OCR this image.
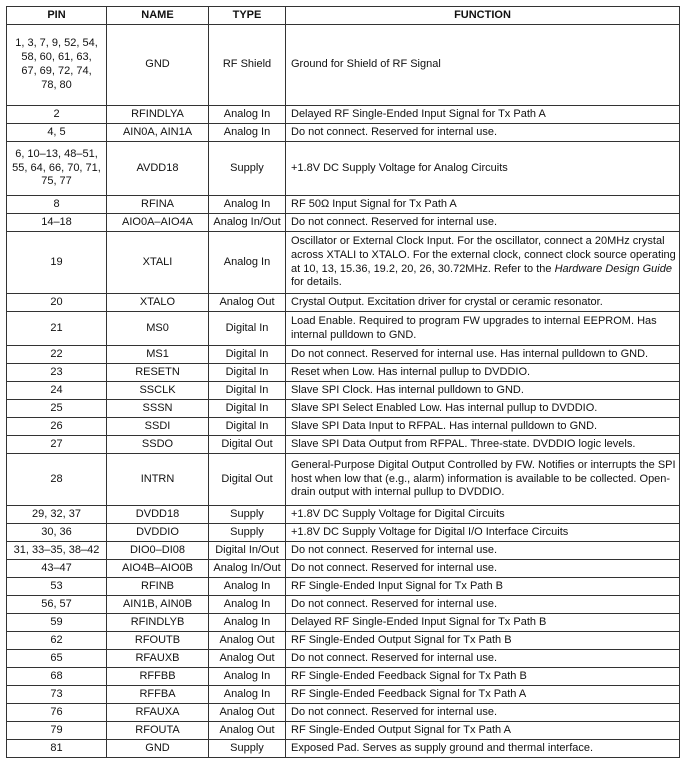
PIN	NAME	TYPE	FUNCTION
1, 3, 7, 9, 52, 54, 58, 60, 61, 63, 67, 69, 72, 74, 78, 80	GND	RF Shield	Ground for Shield of RF Signal
2	RFINDLYA	Analog In	Delayed RF Single-Ended Input Signal for Tx Path A
4, 5	AIN0A, AIN1A	Analog In	Do not connect. Reserved for internal use.
6, 10–13, 48–51, 55, 64, 66, 70, 71, 75, 77	AVDD18	Supply	+1.8V DC Supply Voltage for Analog Circuits
8	RFINA	Analog In	RF 50Ω Input Signal for Tx Path A
14–18	AIO0A–AIO4A	Analog In/Out	Do not connect. Reserved for internal use.
19	XTALI	Analog In	Oscillator or External Clock Input. For the oscillator, connect a 20MHz crystal across XTALI to XTALO. For the external clock, connect clock source operating at 10, 13, 15.36, 19.2, 20, 26, 30.72MHz. Refer to the Hardware Design Guide for details.
20	XTALO	Analog Out	Crystal Output. Excitation driver for crystal or ceramic resonator.
21	MS0	Digital In	Load Enable. Required to program FW upgrades to internal EEPROM. Has internal pulldown to GND.
22	MS1	Digital In	Do not connect. Reserved for internal use. Has internal pulldown to GND.
23	RESETN	Digital In	Reset when Low. Has internal pullup to DVDDIO.
24	SSCLK	Digital In	Slave SPI Clock. Has internal pulldown to GND.
25	SSSN	Digital In	Slave SPI Select Enabled Low. Has internal pullup to DVDDIO.
26	SSDI	Digital In	Slave SPI Data Input to RFPAL. Has internal pulldown to GND.
27	SSDO	Digital Out	Slave SPI Data Output from RFPAL. Three-state. DVDDIO logic levels.
28	INTRN	Digital Out	General-Purpose Digital Output Controlled by FW. Notifies or interrupts the SPI host when low that (e.g., alarm) information is available to be collected. Open-drain output with internal pullup to DVDDIO.
29, 32, 37	DVDD18	Supply	+1.8V DC Supply Voltage for Digital Circuits
30, 36	DVDDIO	Supply	+1.8V DC Supply Voltage for Digital I/O Interface Circuits
31, 33–35, 38–42	DIO0–DI08	Digital In/Out	Do not connect. Reserved for internal use.
43–47	AIO4B–AIO0B	Analog In/Out	Do not connect. Reserved for internal use.
53	RFINB	Analog In	RF Single-Ended Input Signal for Tx Path B
56, 57	AIN1B, AIN0B	Analog In	Do not connect. Reserved for internal use.
59	RFINDLYB	Analog In	Delayed RF Single-Ended Input Signal for Tx Path B
62	RFOUTB	Analog Out	RF Single-Ended Output Signal for Tx Path B
65	RFAUXB	Analog Out	Do not connect. Reserved for internal use.
68	RFFBB	Analog In	RF Single-Ended Feedback Signal for Tx Path B
73	RFFBA	Analog In	RF Single-Ended Feedback Signal for Tx Path A
76	RFAUXA	Analog Out	Do not connect. Reserved for internal use.
79	RFOUTA	Analog Out	RF Single-Ended Output Signal for Tx Path A
81	GND	Supply	Exposed Pad. Serves as supply ground and thermal interface.
